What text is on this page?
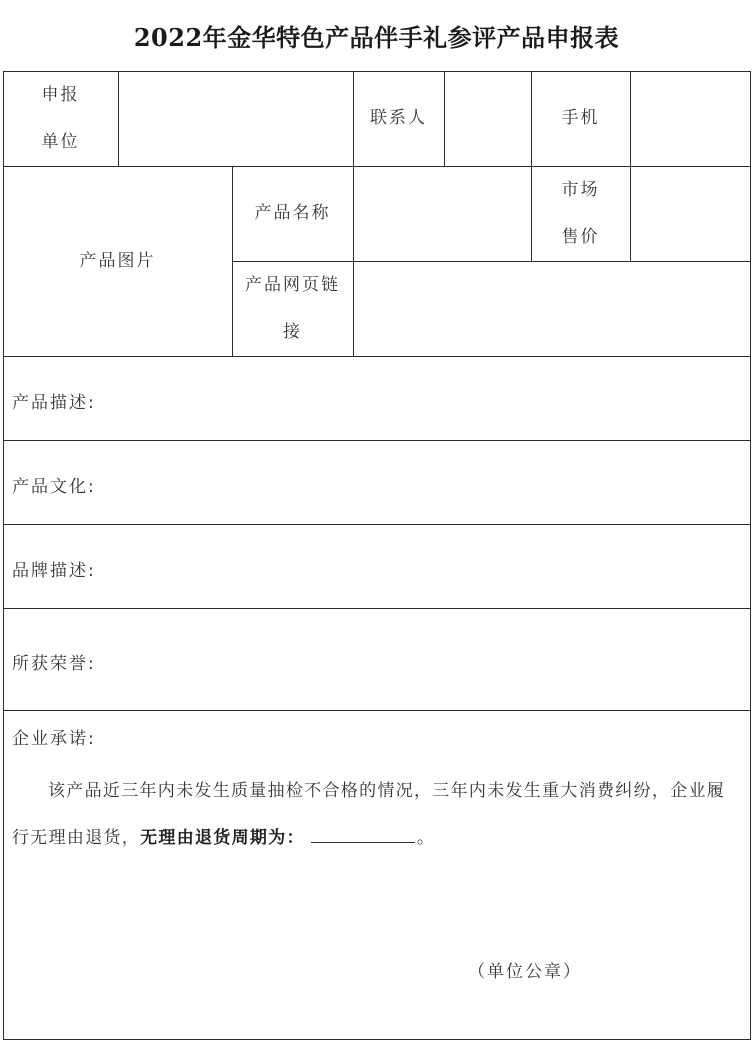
2022年金华特色产品伴手礼参评产品申报表
申报
单位
联系人	手机
产品图片
产品名称
市场
售价
产品网页链
接
产品描述:
产品文化:
品牌描述:
所获荣誉:
企业承诺:
该产品近三年内未发生质量抽检不合格的情况，三年内未发生重大消费纠纷，企业履行无理由退货，无理由退货周期为：	。
（单位公章）
